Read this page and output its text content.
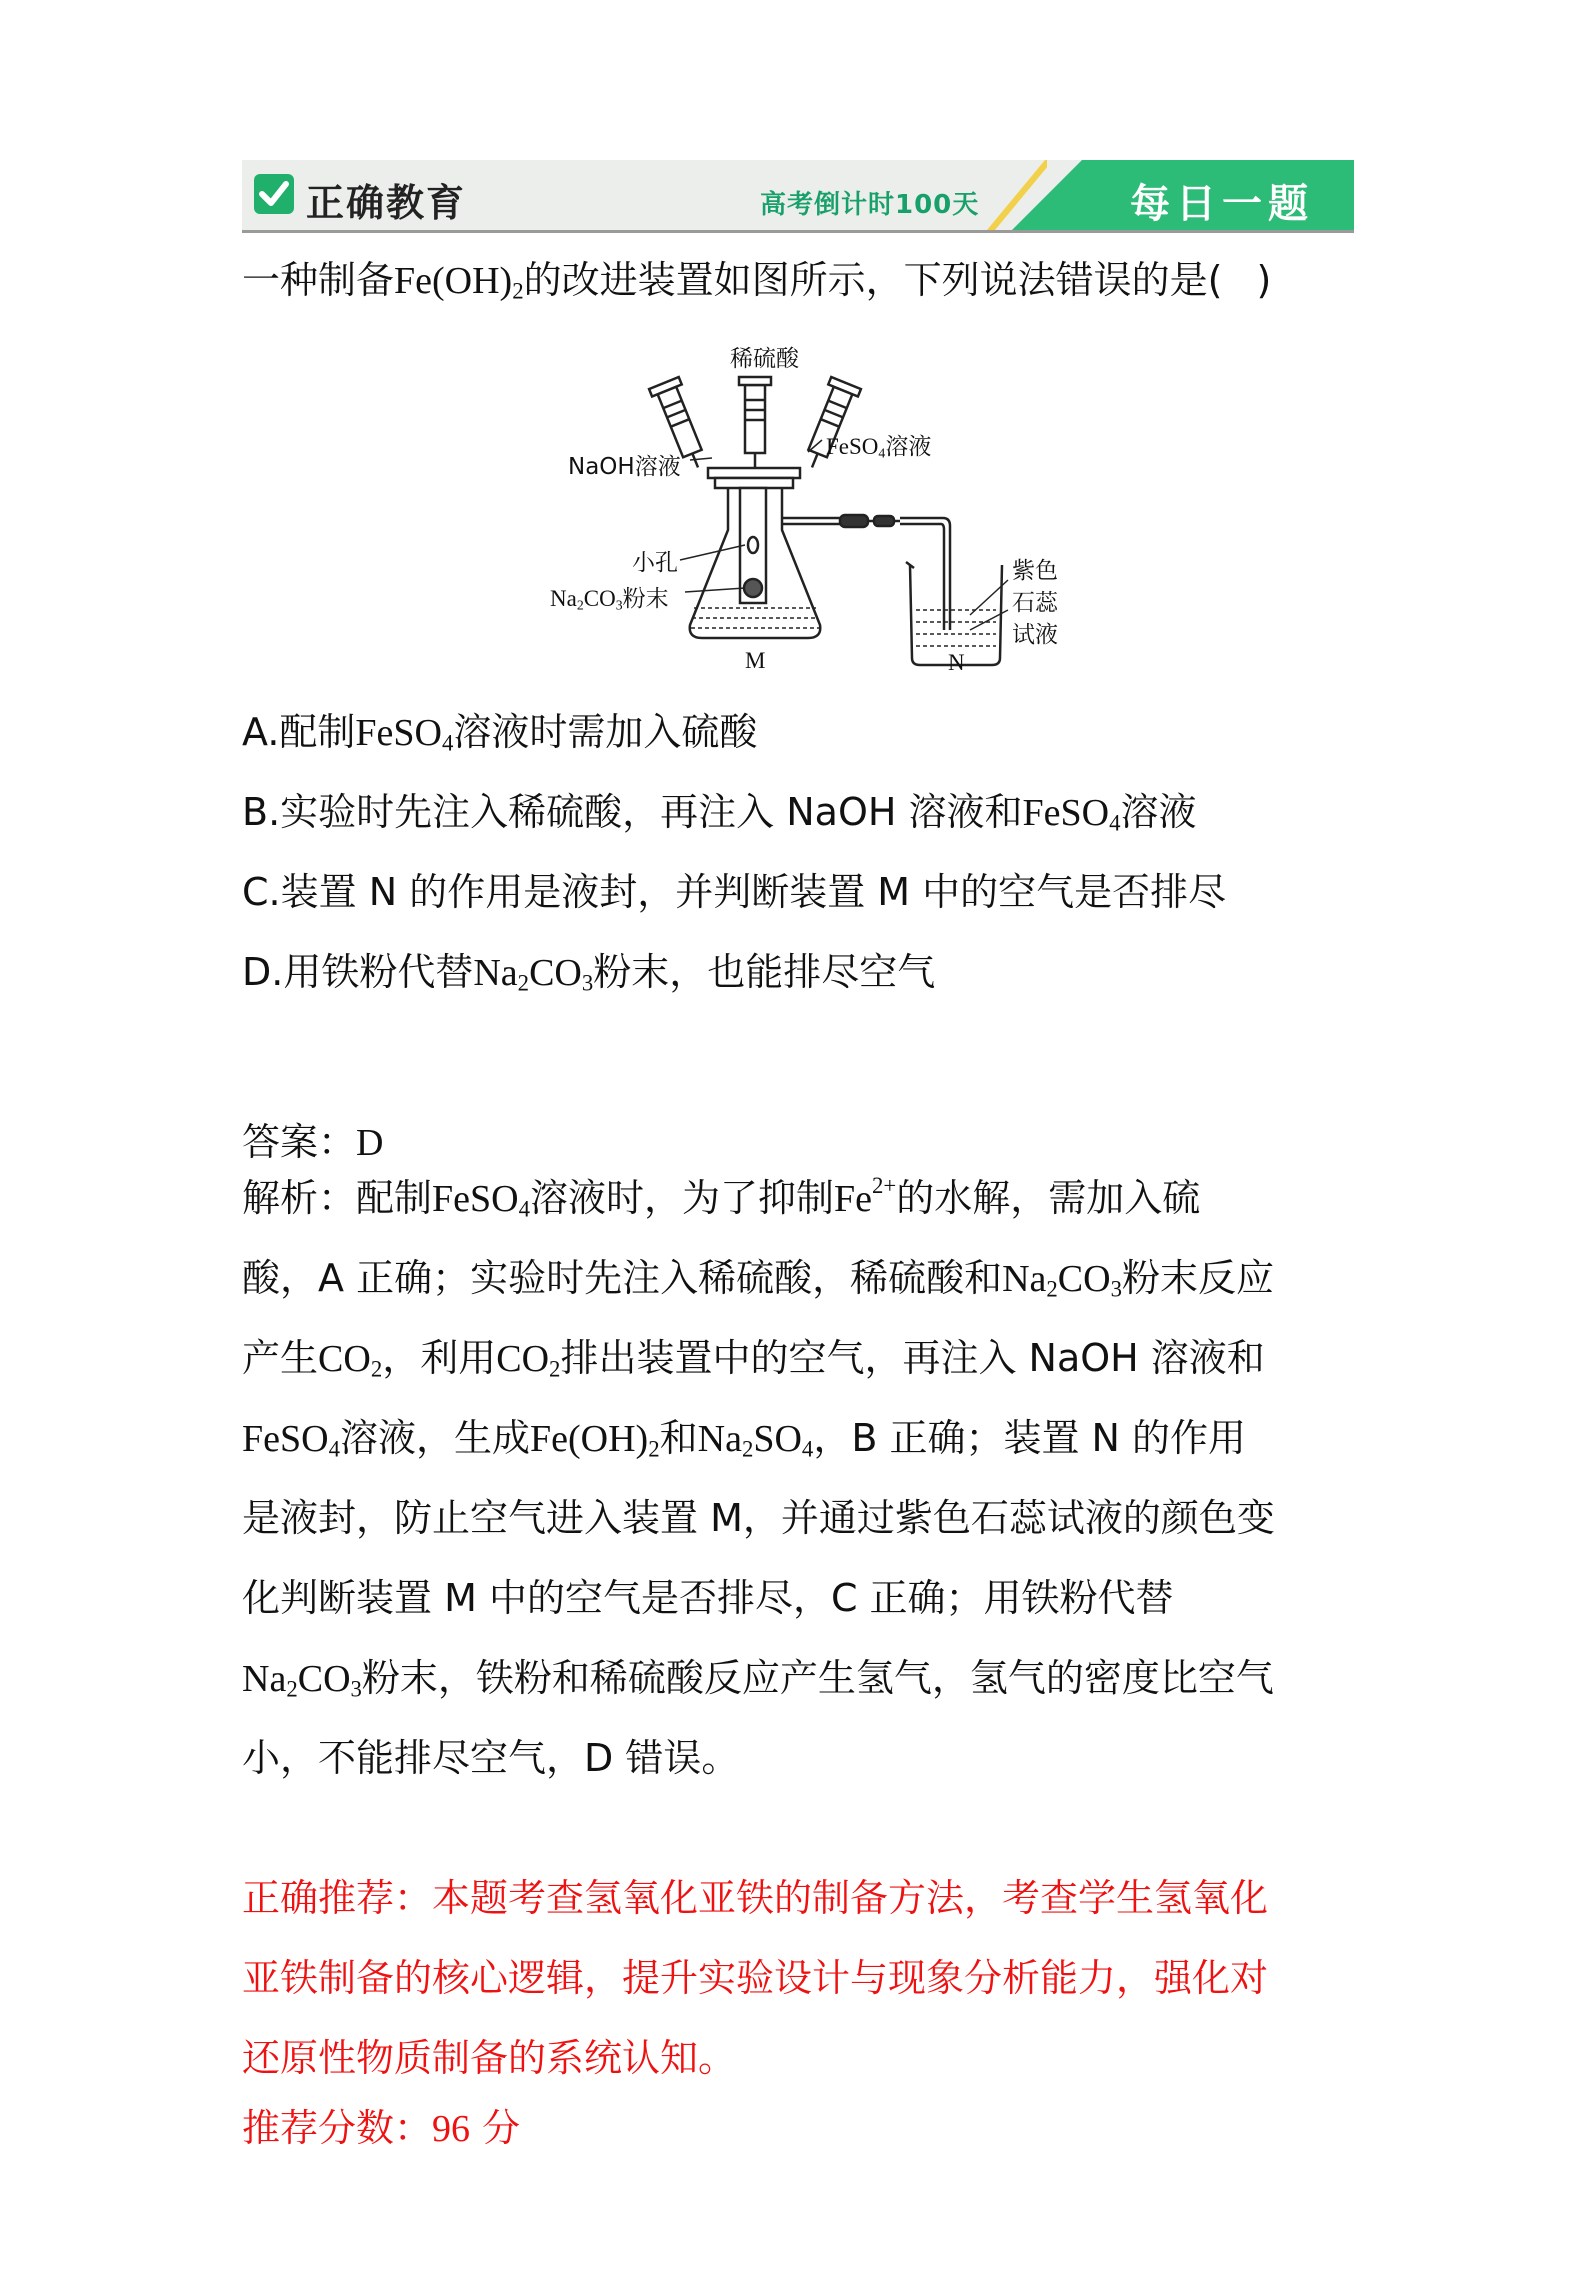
正确教育	高考倒计时100天	每日一题
一种制备$Fe(OH)_2$的改进装置如图所示，下列说法错误的是( )
稀硫酸
NaOH溶液
FeSO$_4$溶液
小孔
$Na_2CO_3$粉末
紫色
石蕊
试液
M	N
A.配制FeSO$_4$溶液时需加入硫酸
B.实验时先注入稀硫酸，再注入 NaOH 溶液和FeSO$_4$溶液
C.装置 N 的作用是液封，并判断装置 M 中的空气是否排尽
D.用铁粉代替$Na_2CO_3$粉末，也能排尽空气
答案：D
解析：配制FeSO$_4$溶液时，为了抑制$Fe^{2+}$的水解，需加入硫
酸，A 正确；实验时先注入稀硫酸，稀硫酸和$Na_2CO_3$粉末反应
产生$CO_2$，利用$CO_2$排出装置中的空气，再注入 NaOH 溶液和
FeSO$_4$溶液，生成$Fe(OH)_2$和$Na_2SO_4$，B 正确；装置 N 的作用
是液封，防止空气进入装置 M，并通过紫色石蕊试液的颜色变
化判断装置 M 中的空气是否排尽，C 正确；用铁粉代替
$Na_2CO_3$粉末，铁粉和稀硫酸反应产生氢气，氢气的密度比空气
小，不能排尽空气，D 错误。
正确推荐：本题考查氢氧化亚铁的制备方法，考查学生氢氧化
亚铁制备的核心逻辑，提升实验设计与现象分析能力，强化对
还原性物质制备的系统认知。
推荐分数：96 分
